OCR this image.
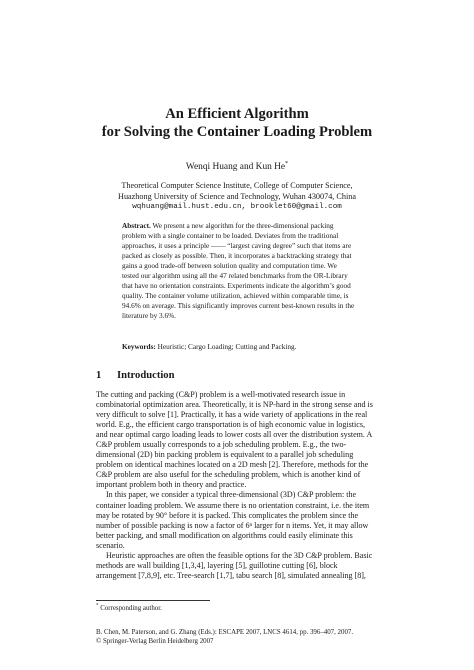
An Efficient Algorithm
for Solving the Container Loading Problem
Wenqi Huang and Kun He*
Theoretical Computer Science Institute, College of Computer Science,
Huazhong University of Science and Technology, Wuhan 430074, China
wqhuang@mail.hust.edu.cn, brooklet60@gmail.com
Abstract. We present a new algorithm for the three-dimensional packing
problem with a single container to be loaded. Deviates from the traditional
approaches, it uses a principle —— “largest caving degree” such that items are
packed as closely as possible. Then, it incorporates a backtracking strategy that
gains a good trade-off between solution quality and computation time. We
tested our algorithm using all the 47 related benchmarks from the OR-Library
that have no orientation constraints. Experiments indicate the algorithm’s good
quality. The container volume utilization, achieved within comparable time, is
94.6% on average. This significantly improves current best-known results in the
literature by 3.6%.
Keywords: Heuristic; Cargo Loading; Cutting and Packing.
1 Introduction
The cutting and packing (C&P) problem is a well-motivated research issue in
combinatorial optimization area. Theoretically, it is NP-hard in the strong sense and is
very difficult to solve [1]. Practically, it has a wide variety of applications in the real
world. E.g., the efficient cargo transportation is of high economic value in logistics,
and near optimal cargo loading leads to lower costs all over the distribution system. A
C&P problem usually corresponds to a job scheduling problem. E.g., the two-
dimensional (2D) bin packing problem is equivalent to a parallel job scheduling
problem on identical machines located on a 2D mesh [2]. Therefore, methods for the
C&P problem are also useful for the scheduling problem, which is another kind of
important problem both in theory and practice.
In this paper, we consider a typical three-dimensional (3D) C&P problem: the
container loading problem. We assume there is no orientation constraint, i.e. the item
may be rotated by 90° before it is packed. This complicates the problem since the
number of possible packing is now a factor of 6ⁿ larger for n items. Yet, it may allow
better packing, and small modification on algorithms could easily eliminate this
scenario.
Heuristic approaches are often the feasible options for the 3D C&P problem. Basic
methods are wall building [1,3,4], layering [5], guillotine cutting [6], block
arrangement [7,8,9], etc. Tree-search [1,7], tabu search [8], simulated annealing [8],
* Corresponding author.
B. Chen, M. Paterson, and G. Zhang (Eds.): ESCAPE 2007, LNCS 4614, pp. 396–407, 2007.
© Springer-Verlag Berlin Heidelberg 2007
